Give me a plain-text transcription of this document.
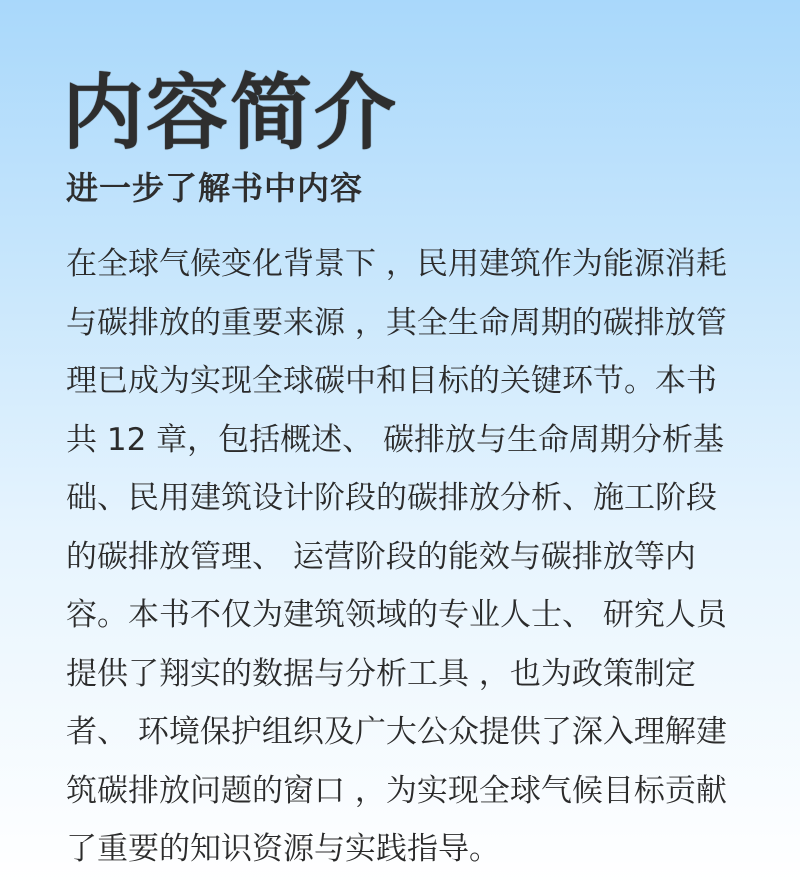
内容简介
进一步了解书中内容
在全球气候变化背景下 ，民用建筑作为能源消耗
与碳排放的重要来源 ，其全生命周期的碳排放管
理已成为实现全球碳中和目标的关键环节。本书
共 12 章，包括概述、 碳排放与生命周期分析基
础、民用建筑设计阶段的碳排放分析、施工阶段
的碳排放管理、 运营阶段的能效与碳排放等内
容。本书不仅为建筑领域的专业人士、 研究人员
提供了翔实的数据与分析工具 ，也为政策制定
者、 环境保护组织及广大公众提供了深入理解建
筑碳排放问题的窗口 ，为实现全球气候目标贡献
了重要的知识资源与实践指导。
